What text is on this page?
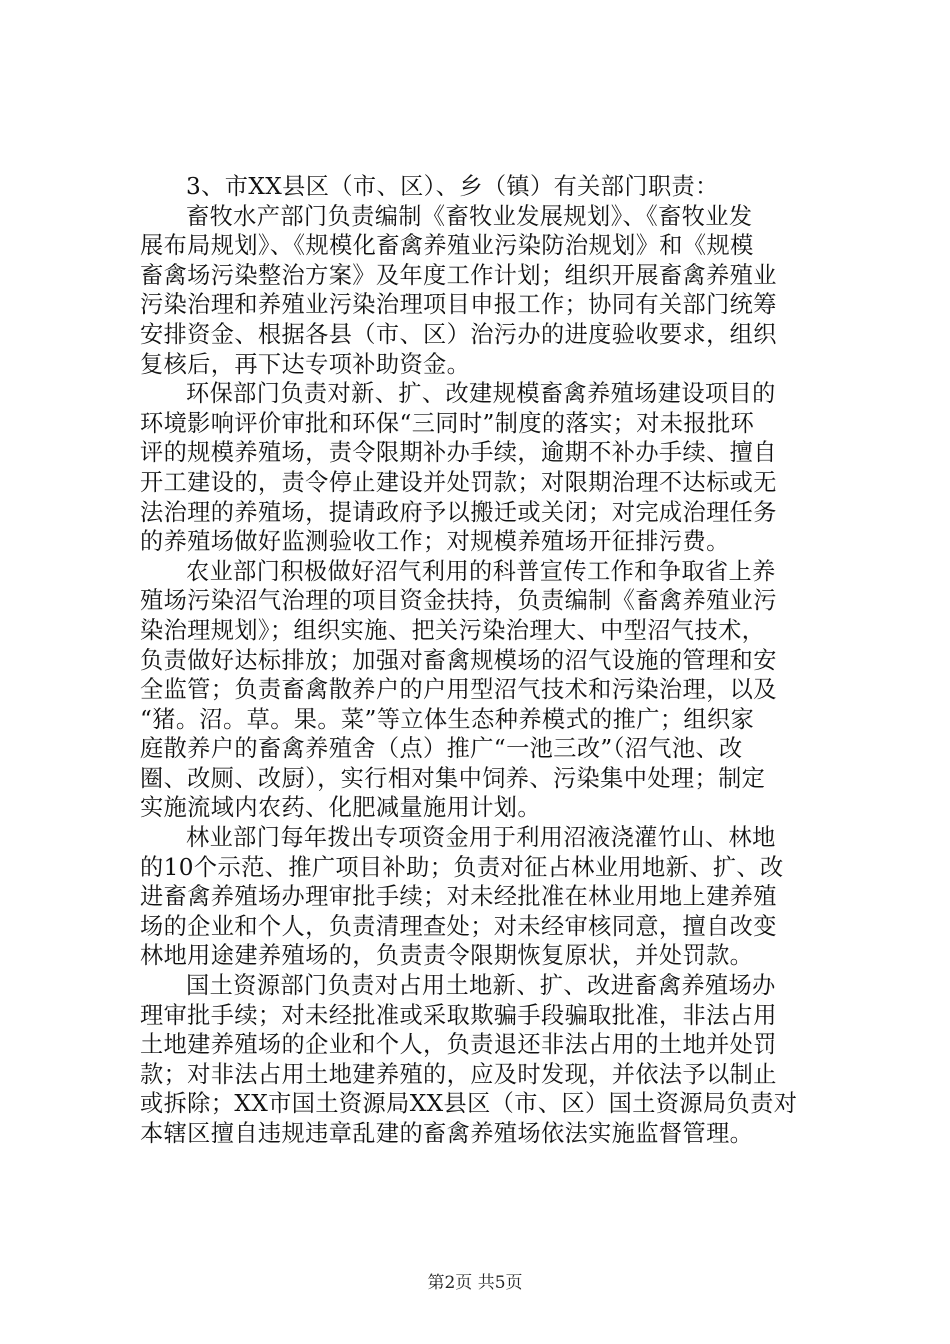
3、市XX县区（市、区）、乡（镇）有关部门职责：
畜牧水产部门负责编制《畜牧业发展规划》、《畜牧业发
展布局规划》、《规模化畜禽养殖业污染防治规划》和《规模
畜禽场污染整治方案》及年度工作计划；组织开展畜禽养殖业
污染治理和养殖业污染治理项目申报工作；协同有关部门统筹
安排资金、根据各县（市、区）治污办的进度验收要求，组织
复核后，再下达专项补助资金。
环保部门负责对新、扩、改建规模畜禽养殖场建设项目的
环境影响评价审批和环保“三同时”制度的落实；对未报批环
评的规模养殖场，责令限期补办手续，逾期不补办手续、擅自
开工建设的，责令停止建设并处罚款；对限期治理不达标或无
法治理的养殖场，提请政府予以搬迁或关闭；对完成治理任务
的养殖场做好监测验收工作；对规模养殖场开征排污费。
农业部门积极做好沼气利用的科普宣传工作和争取省上养
殖场污染沼气治理的项目资金扶持，负责编制《畜禽养殖业污
染治理规划》；组织实施、把关污染治理大、中型沼气技术，
负责做好达标排放；加强对畜禽规模场的沼气设施的管理和安
全监管；负责畜禽散养户的户用型沼气技术和污染治理，以及
“猪。沼。草。果。菜”等立体生态种养模式的推广；组织家
庭散养户的畜禽养殖舍（点）推广“一池三改”（沼气池、改
圈、改厕、改厨），实行相对集中饲养、污染集中处理；制定
实施流域内农药、化肥减量施用计划。
林业部门每年拨出专项资金用于利用沼液浇灌竹山、林地
的10个示范、推广项目补助；负责对征占林业用地新、扩、改
进畜禽养殖场办理审批手续；对未经批准在林业用地上建养殖
场的企业和个人，负责清理查处；对未经审核同意，擅自改变
林地用途建养殖场的，负责责令限期恢复原状，并处罚款。
国土资源部门负责对占用土地新、扩、改进畜禽养殖场办
理审批手续；对未经批准或采取欺骗手段骗取批准，非法占用
土地建养殖场的企业和个人，负责退还非法占用的土地并处罚
款；对非法占用土地建养殖的，应及时发现，并依法予以制止
或拆除；XX市国土资源局XX县区（市、区）国土资源局负责对
本辖区擅自违规违章乱建的畜禽养殖场依法实施监督管理。
第2页 共5页
